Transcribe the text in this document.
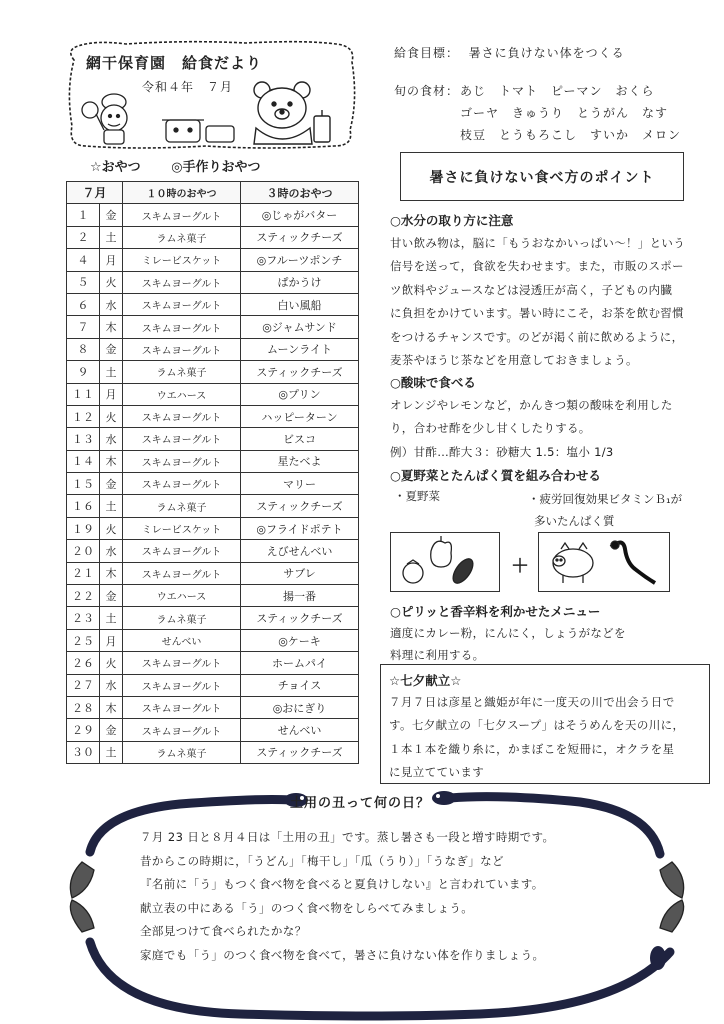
網干保育園　給食だより
令和４年　７月
☆おやつ ◎手作りおやつ
７月		１０時のおやつ	３時のおやつ
１	金	スキムヨーグルト	◎じゃがバター
２	土	ラムネ菓子	スティックチーズ
４	月	ミレービスケット	◎フルーツポンチ
５	火	スキムヨーグルト	ぱかうけ
６	水	スキムヨーグルト	白い風船
７	木	スキムヨーグルト	◎ジャムサンド
８	金	スキムヨーグルト	ムーンライト
９	土	ラムネ菓子	スティックチーズ
１１	月	ウエハース	◎プリン
１２	火	スキムヨーグルト	ハッピーターン
１３	水	スキムヨーグルト	ビスコ
１４	木	スキムヨーグルト	星たべよ
１５	金	スキムヨーグルト	マリー
１６	土	ラムネ菓子	スティックチーズ
１９	火	ミレービスケット	◎フライドポテト
２０	水	スキムヨーグルト	えびせんべい
２１	木	スキムヨーグルト	サブレ
２２	金	ウエハース	揚一番
２３	土	ラムネ菓子	スティックチーズ
２５	月	せんべい	◎ケーキ
２６	火	スキムヨーグルト	ホームパイ
２７	水	スキムヨーグルト	チョイス
２８	木	スキムヨーグルト	◎おにぎり
２９	金	スキムヨーグルト	せんべい
３０	土	ラムネ菓子	スティックチーズ
給食目標： 暑さに負けない体をつくる
旬の食材：あじ　トマト　ピーマン　おくら
ゴーヤ　きゅうり　とうがん　なす
枝豆　とうもろこし　すいか　メロン
暑さに負けない食べ方のポイント
○水分の取り方に注意
甘い飲み物は，脳に「もうおなかいっぱい～！」という
信号を送って，食欲を失わせます。また，市販のスポー
ツ飲料やジュースなどは浸透圧が高く，子どもの内臓
に負担をかけています。暑い時にこそ，お茶を飲む習慣
をつけるチャンスです。のどが渇く前に飲めるように，
麦茶やほうじ茶などを用意しておきましょう。
○酸味で食べる
オレンジやレモンなど，かんきつ類の酸味を利用した
り，合わせ酢を少し甘くしたりする。
例）甘酢…酢大３：砂糖大 1.5：塩小 1/3
○夏野菜とたんぱく質を組み合わせる
・夏野菜	・疲労回復効果ビタミンＢ₁が
多いたんぱく質
＋
○ピリッと香辛料を利かせたメニュー
適度にカレー粉，にんにく，しょうがなどを
料理に利用する。
☆七夕献立☆
７月７日は彦星と織姫が年に一度天の川で出会う日で
す。七夕献立の「七夕スープ」はそうめんを天の川に，
１本１本を織り糸に，かまぼこを短冊に，オクラを星
に見立てています
土用の丑って何の日？
７月 23 日と８月４日は「土用の丑」です。蒸し暑さも一段と増す時期です。
昔からこの時期に，「うどん」「梅干し」「瓜（うり）」「うなぎ」など
『名前に「う」もつく食べ物を食べると夏負けしない』と言われています。
献立表の中にある「う」のつく食べ物をしらべてみましょう。
全部見つけて食べられたかな？
家庭でも「う」のつく食べ物を食べて，暑さに負けない体を作りましょう。
